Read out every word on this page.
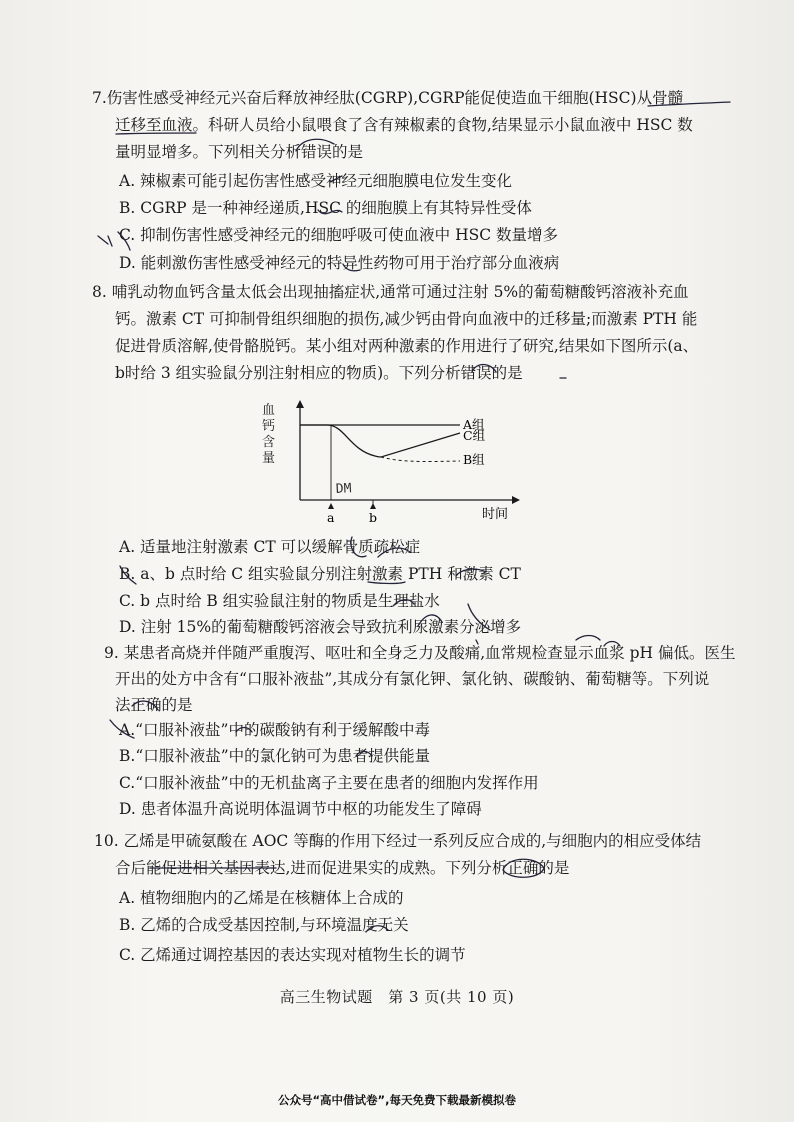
7.伤害性感受神经元兴奋后释放神经肽(CGRP),CGRP能促使造血干细胞(HSC)从骨髓
迁移至血液。科研人员给小鼠喂食了含有辣椒素的食物,结果显示小鼠血液中 HSC 数
量明显增多。下列相关分析错误的是
A. 辣椒素可能引起伤害性感受神经元细胞膜电位发生变化
B. CGRP 是一种神经递质,HSC 的细胞膜上有其特异性受体
C. 抑制伤害性感受神经元的细胞呼吸可使血液中 HSC 数量增多
D. 能刺激伤害性感受神经元的特异性药物可用于治疗部分血液病
8. 哺乳动物血钙含量太低会出现抽搐症状,通常可通过注射 5%的葡萄糖酸钙溶液补充血
钙。激素 CT 可抑制骨组织细胞的损伤,减少钙由骨向血液中的迁移量;而激素 PTH 能
促进骨质溶解,使骨骼脱钙。某小组对两种激素的作用进行了研究,结果如下图所示(a、
b时给 3 组实验鼠分别注射相应的物质)。下列分析错误的是
血
钙
含
量
A组
C组
B组
a	b	时间
DM
A. 适量地注射激素 CT 可以缓解骨质疏松症
B. a、b 点时给 C 组实验鼠分别注射激素 PTH 和激素 CT
C. b 点时给 B 组实验鼠注射的物质是生理盐水
D. 注射 15%的葡萄糖酸钙溶液会导致抗利尿激素分泌增多
9. 某患者高烧并伴随严重腹泻、呕吐和全身乏力及酸痛,血常规检查显示血浆 pH 偏低。医生
开出的处方中含有“口服补液盐”,其成分有氯化钾、氯化钠、碳酸钠、葡萄糖等。下列说
法正确的是
A.“口服补液盐”中的碳酸钠有利于缓解酸中毒
B.“口服补液盐”中的氯化钠可为患者提供能量
C.“口服补液盐”中的无机盐离子主要在患者的细胞内发挥作用
D. 患者体温升高说明体温调节中枢的功能发生了障碍
10. 乙烯是甲硫氨酸在 AOC 等酶的作用下经过一系列反应合成的,与细胞内的相应受体结
合后能促进相关基因表达,进而促进果实的成熟。下列分析正确的是
A. 植物细胞内的乙烯是在核糖体上合成的
B. 乙烯的合成受基因控制,与环境温度无关
C. 乙烯通过调控基因的表达实现对植物生长的调节
高三生物试题　第 3 页(共 10 页)
公众号“高中借试卷”,每天免费下载最新模拟卷
